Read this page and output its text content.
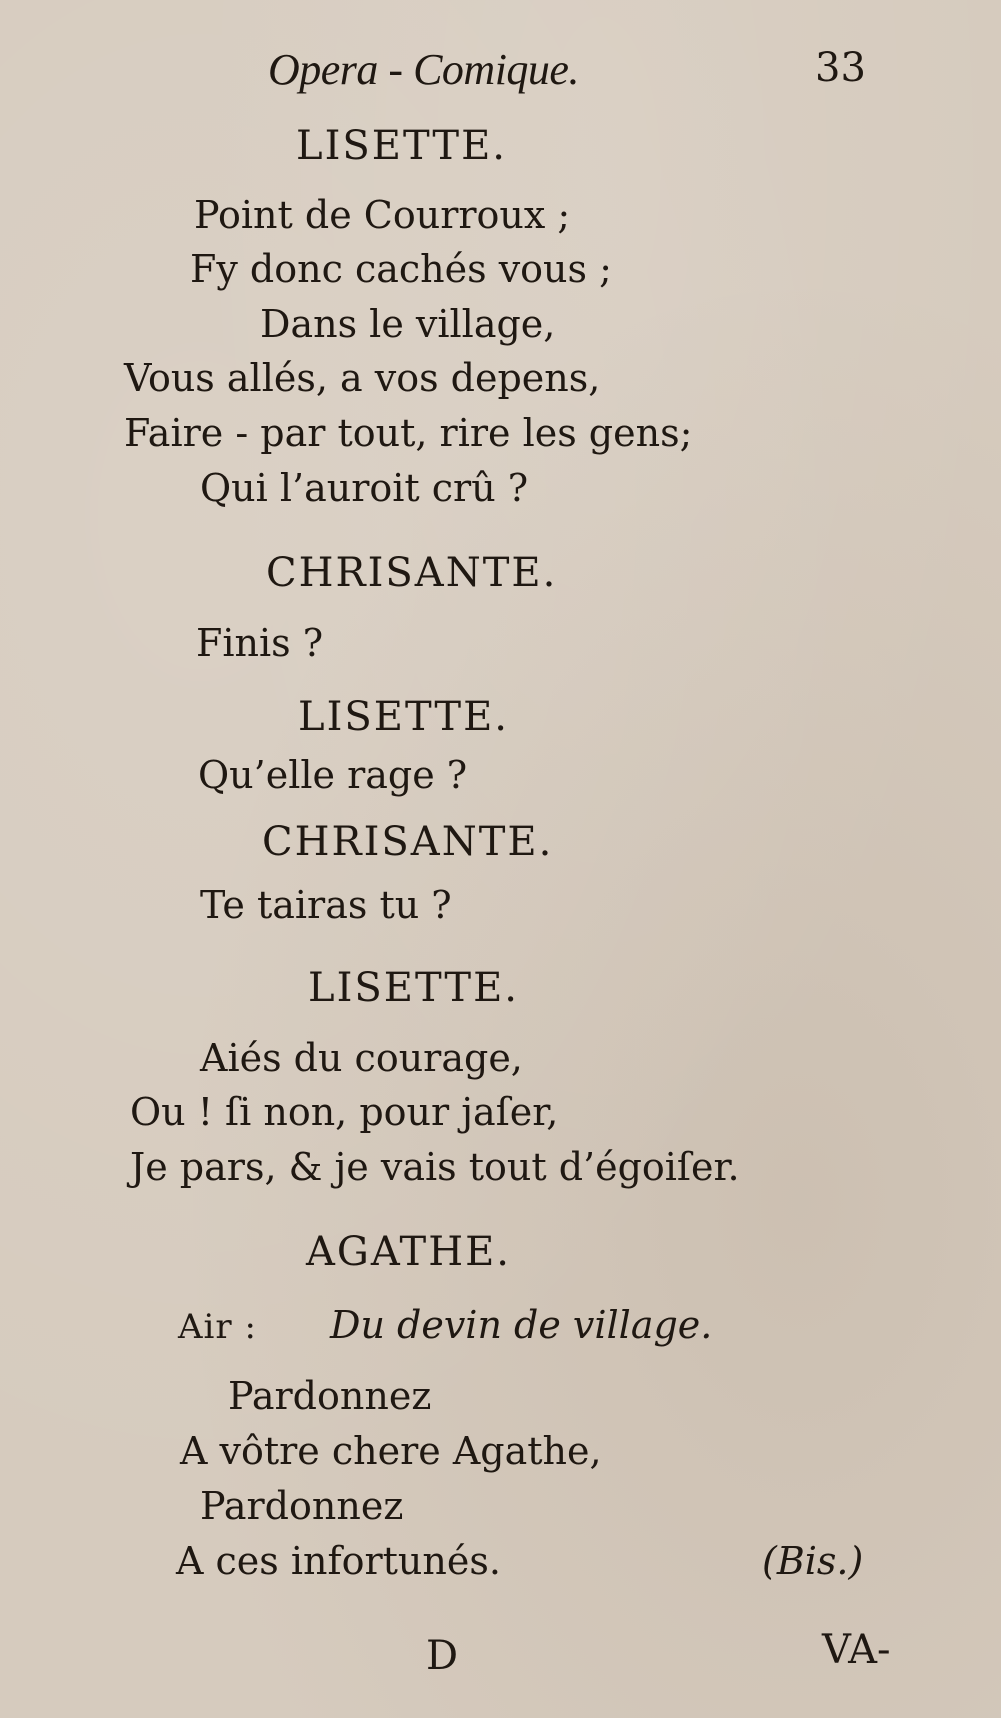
Opera - Comique.	33
LISETTE.
Point de Courroux ;
Fy donc cachés vous ;
Dans le village,
Vous allés, a vos depens,
Faire - par tout, rire les gens;
Qui l’auroit crû ?
CHRISANTE.
Finis ?
LISETTE.
Qu’elle rage ?
CHRISANTE.
Te tairas tu ?
LISETTE.
Aiés du courage,
Ou ! ſi non, pour jaſer,
Je pars, & je vais tout d’égoiſer.
AGATHE.
Air : Du devin de village.
Pardonnez
A vôtre chere Agathe,
Pardonnez
A ces infortunés.	(Bis.)
D	VA-
